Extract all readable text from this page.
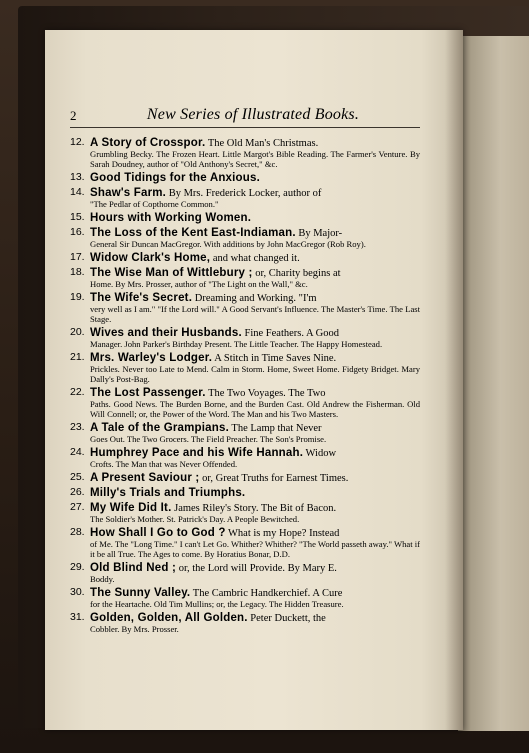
2	New Series of Illustrated Books.
12. A Story of Crosspor. The Old Man's Christmas.
Grumbling Becky. The Frozen Heart. Little Margot's Bible Reading. The Farmer's Venture. By Sarah Doudney, author of "Old Anthony's Secret," &c.
13. Good Tidings for the Anxious.
14. Shaw's Farm. By Mrs. Frederick Locker, author of
"The Pedlar of Copthorne Common."
15. Hours with Working Women.
16. The Loss of the Kent East-Indiaman. By Major-
General Sir Duncan MacGregor. With additions by John MacGregor (Rob Roy).
17. Widow Clark's Home, and what changed it.
18. The Wise Man of Wittlebury ; or, Charity begins at
Home. By Mrs. Prosser, author of "The Light on the Wall," &c.
19. The Wife's Secret. Dreaming and Working. "I'm
very well as I am." "If the Lord will." A Good Servant's Influence. The Master's Time. The Last Stage.
20. Wives and their Husbands. Fine Feathers. A Good
Manager. John Parker's Birthday Present. The Little Teacher. The Happy Homestead.
21. Mrs. Warley's Lodger. A Stitch in Time Saves Nine.
Prickles. Never too Late to Mend. Calm in Storm. Home, Sweet Home. Fidgety Bridget. Mary Dally's Post-Bag.
22. The Lost Passenger. The Two Voyages. The Two
Paths. Good News. The Burden Borne, and the Burden Cast. Old Andrew the Fisherman. Old Will Connell; or, the Power of the Word. The Man and his Two Masters.
23. A Tale of the Grampians. The Lamp that Never
Goes Out. The Two Grocers. The Field Preacher. The Son's Promise.
24. Humphrey Pace and his Wife Hannah. Widow
Crofts. The Man that was Never Offended.
25. A Present Saviour ; or, Great Truths for Earnest Times.
26. Milly's Trials and Triumphs.
27. My Wife Did It. James Riley's Story. The Bit of Bacon.
The Soldier's Mother. St. Patrick's Day. A People Bewitched.
28. How Shall I Go to God ? What is my Hope? Instead
of Me. The "Long Time." I can't Let Go. Whither? Whither? "The World passeth away." What if it be all True. The Ages to come. By Horatius Bonar, D.D.
29. Old Blind Ned ; or, the Lord will Provide. By Mary E.
Boddy.
30. The Sunny Valley. The Cambric Handkerchief. A Cure
for the Heartache. Old Tim Mullins; or, the Legacy. The Hidden Treasure.
31. Golden, Golden, All Golden. Peter Duckett, the
Cobbler. By Mrs. Prosser.
